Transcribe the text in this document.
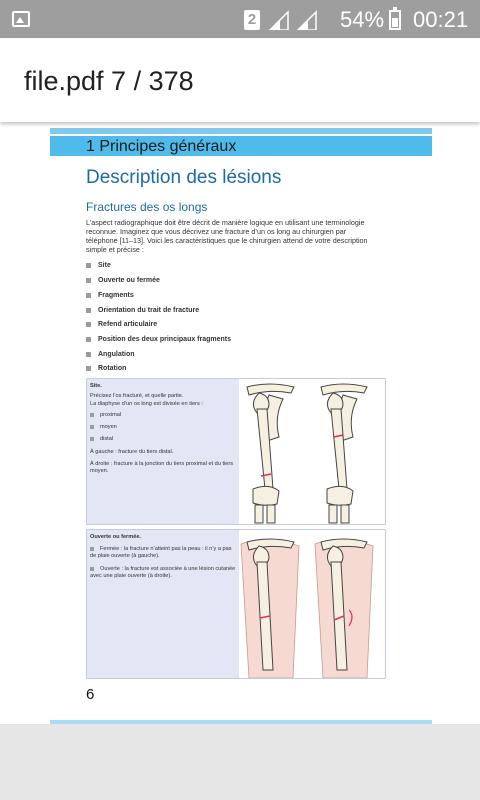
2	54% 00:21
file.pdf 7 / 378
1 Principes généraux
Description des lésions
Fractures des os longs
L’aspect radiographique doit être décrit de manière logique en utilisant une terminologie reconnue. Imaginez que vous décrivez une fracture d’un os long au chirurgien par téléphone [11–13]. Voici les caractéristiques que le chirurgien attend de votre description simple et précise :
Site
Ouverte ou fermée
Fragments
Orientation du trait de fracture
Refend articulaire
Position des deux principaux fragments
Angulation
Rotation
Site.
Précisez l’os fracturé, et quelle partie.
La diaphyse d’un os long est divisée en tiers :
proximal
moyen
distal
À gauche : fracture du tiers distal.
À droite : fracture à la jonction du tiers proximal et du tiers moyen.
Ouverte ou fermée.
Fermée : la fracture n’atteint pas la peau : il n’y a pas de plaie ouverte (à gauche).
Ouverte : la fracture est associée à une lésion cutanée avec une plaie ouverte (à droite).
6
